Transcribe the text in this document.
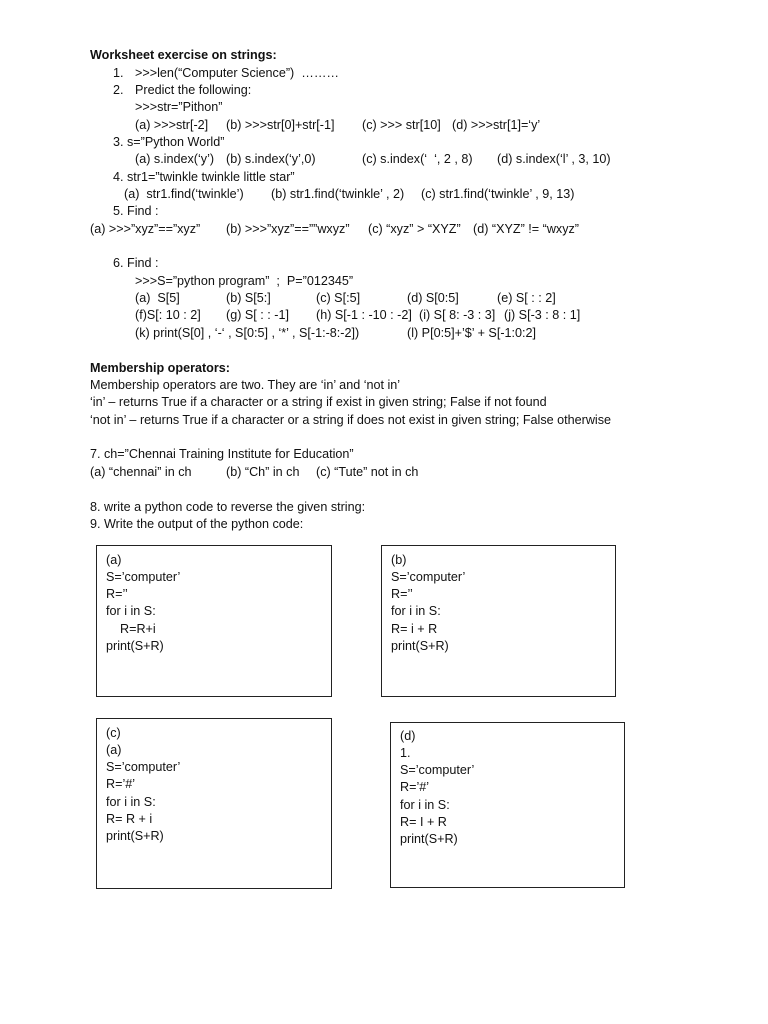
Worksheet exercise on strings:
1. >>>len(“Computer Science”)  ………
2. Predict the following:
>>>str=”Pithon”
(a) >>>str[-2] (b) >>>str[0]+str[-1] (c) >>> str[10] (d) >>>str[1]=‘y’
3. s=”Python World”
(a) s.index(‘y’) (b) s.index(‘y’,0)	(c) s.index(‘  ‘, 2 , 8) (d) s.index(‘l’ , 3, 10)
4. str1=”twinkle twinkle little star”
(a)  str1.find(‘twinkle’) (b) str1.find(‘twinkle’ , 2) (c) str1.find(‘twinkle’ , 9, 13)
5. Find :
(a) >>>”xyz”==”xyz” (b) >>>”xyz”==””wxyz” (c) “xyz” > “XYZ” (d) “XYZ” != “wxyz”
6. Find :
>>>S=”python program”  ;  P=”012345”
(a)  S[5]	(b) S[5:]	(c) S[:5]	(d) S[0:5]	(e) S[ : : 2]
(f)S[: 10 : 2] (g) S[ : : -1] (h) S[-1 : -10 : -2] (i) S[ 8: -3 : 3] (j) S[-3 : 8 : 1]
(k) print(S[0] , ‘-‘ , S[0:5] , ‘*’ , S[-1:-8:-2])	(l) P[0:5]+’$’ + S[-1:0:2]
Membership operators:
Membership operators are two. They are ‘in’ and ‘not in’
‘in’ – returns True if a character or a string if exist in given string; False if not found
‘not in’ – returns True if a character or a string if does not exist in given string; False otherwise
7. ch=”Chennai Training Institute for Education”
(a) “chennai” in ch	(b) “Ch” in ch (c) “Tute” not in ch
8. write a python code to reverse the given string:
9. Write the output of the python code:
(a)
S=’computer’
R=’’
for i in S:
R=R+i
print(S+R)
(b)
S=’computer’
R=’’
for i in S:
R= i + R
print(S+R)
(c)
(a)
S=’computer’
R=’#’
for i in S:
R= R + i
print(S+R)
(d)
1.
S=’computer’
R=’#’
for i in S:
R= I + R
print(S+R)
